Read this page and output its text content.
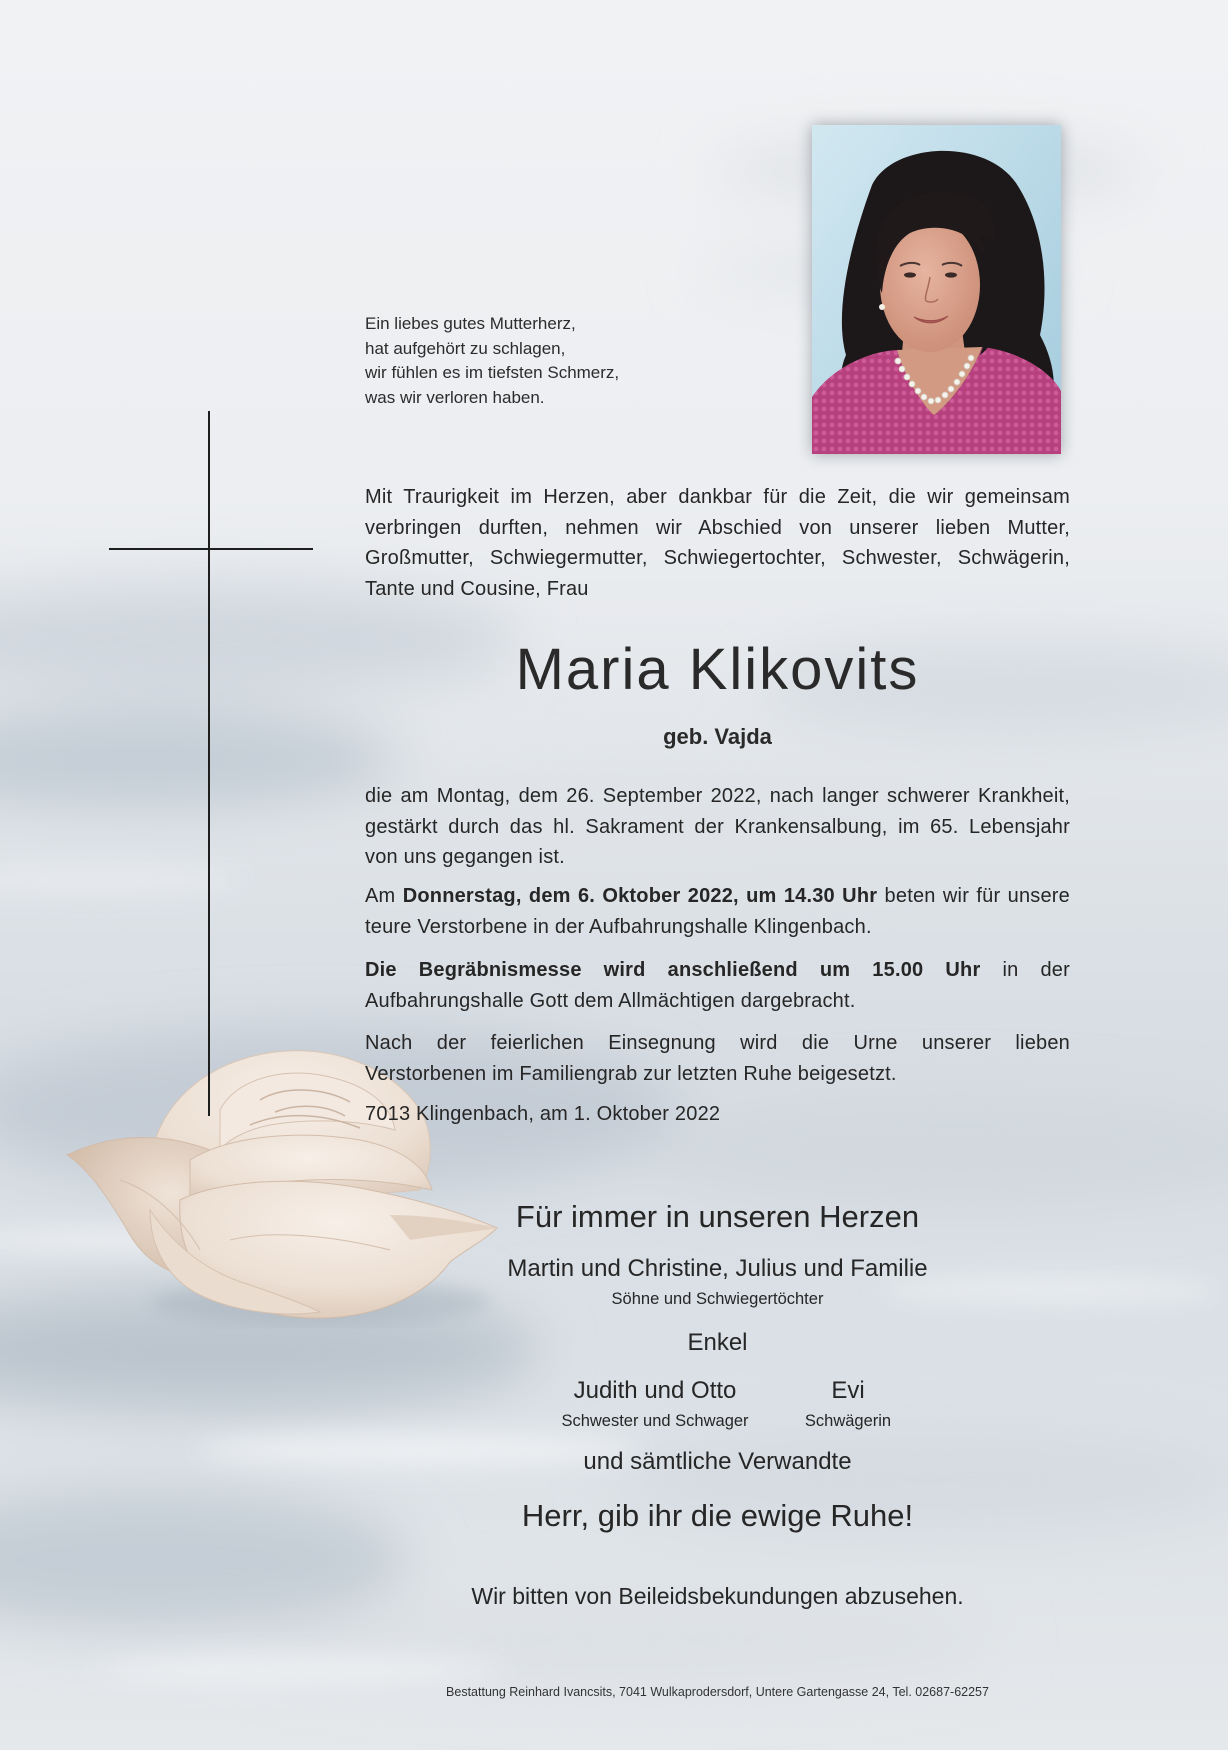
Ein liebes gutes Mutterherz,
hat aufgehört zu schlagen,
wir fühlen es im tiefsten Schmerz,
was wir verloren haben.
Mit Traurigkeit im Herzen, aber dankbar für die Zeit, die wir gemeinsam
verbringen durften, nehmen wir Abschied von unserer lieben Mutter,
Großmutter, Schwiegermutter, Schwiegertochter, Schwester, Schwägerin,
Tante und Cousine, Frau
Maria Klikovits
geb. Vajda
die am Montag, dem 26. September 2022, nach langer schwerer Krankheit,
gestärkt durch das hl. Sakrament der Krankensalbung, im 65. Lebensjahr
von uns gegangen ist.
Am Donnerstag, dem 6. Oktober 2022, um 14.30 Uhr beten wir für unsere
teure Verstorbene in der Aufbahrungshalle Klingenbach.
Die Begräbnismesse wird anschließend um 15.00 Uhr in der
Aufbahrungshalle Gott dem Allmächtigen dargebracht.
Nach der feierlichen Einsegnung wird die Urne unserer lieben
Verstorbenen im Familiengrab zur letzten Ruhe beigesetzt.
7013 Klingenbach, am 1. Oktober 2022
Für immer in unseren Herzen
Martin und Christine, Julius und Familie
Söhne und Schwiegertöchter
Enkel
Judith und Otto
Schwester und Schwager
Evi
Schwägerin
und sämtliche Verwandte
Herr, gib ihr die ewige Ruhe!
Wir bitten von Beileidsbekundungen abzusehen.
Bestattung Reinhard Ivancsits, 7041 Wulkaprodersdorf, Untere Gartengasse 24, Tel. 02687-62257
